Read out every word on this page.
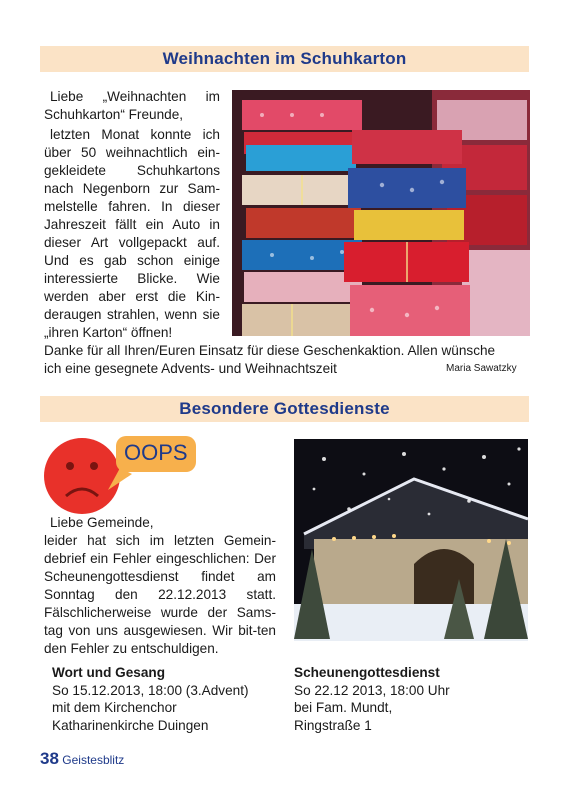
Weihnachten im Schuhkarton

Liebe „Weihnachten im Schuhkarton“ Freunde,

letzten Monat konnte ich über 50 weihnachtlich ein-gekleidete Schuhkartons nach Negenborn zur Sam-melstelle fahren. In dieser Jahreszeit fällt ein Auto in dieser Art vollgepackt auf. Und es gab schon einige interessierte Blicke. Wie werden aber erst die Kin-deraugen strahlen, wenn sie „ihren Karton“ öffnen!

Danke für all Ihren/Euren Einsatz für diese Geschenkaktion. Allen wünsche

ich eine gesegnete Advents- und Weihnachtszeit	Maria Sawatzky
Besondere Gottesdienste
OOPS

Liebe Gemeinde,

leider hat sich im letzten Gemein-debrief ein Fehler eingeschlichen: Der Scheunengottesdienst findet am Sonntag den 22.12.2013 statt. Fälschlicherweise wurde der Sams-tag von uns ausgewiesen. Wir bit-ten den Fehler zu entschuldigen.

Wort und Gesang
So 15.12.2013, 18:00 (3.Advent)
mit dem Kirchenchor
Katharinenkirche Duingen
Scheunengottesdienst
So 22.12 2013, 18:00 Uhr
bei Fam. Mundt,
Ringstraße 1
38 Geistesblitz
